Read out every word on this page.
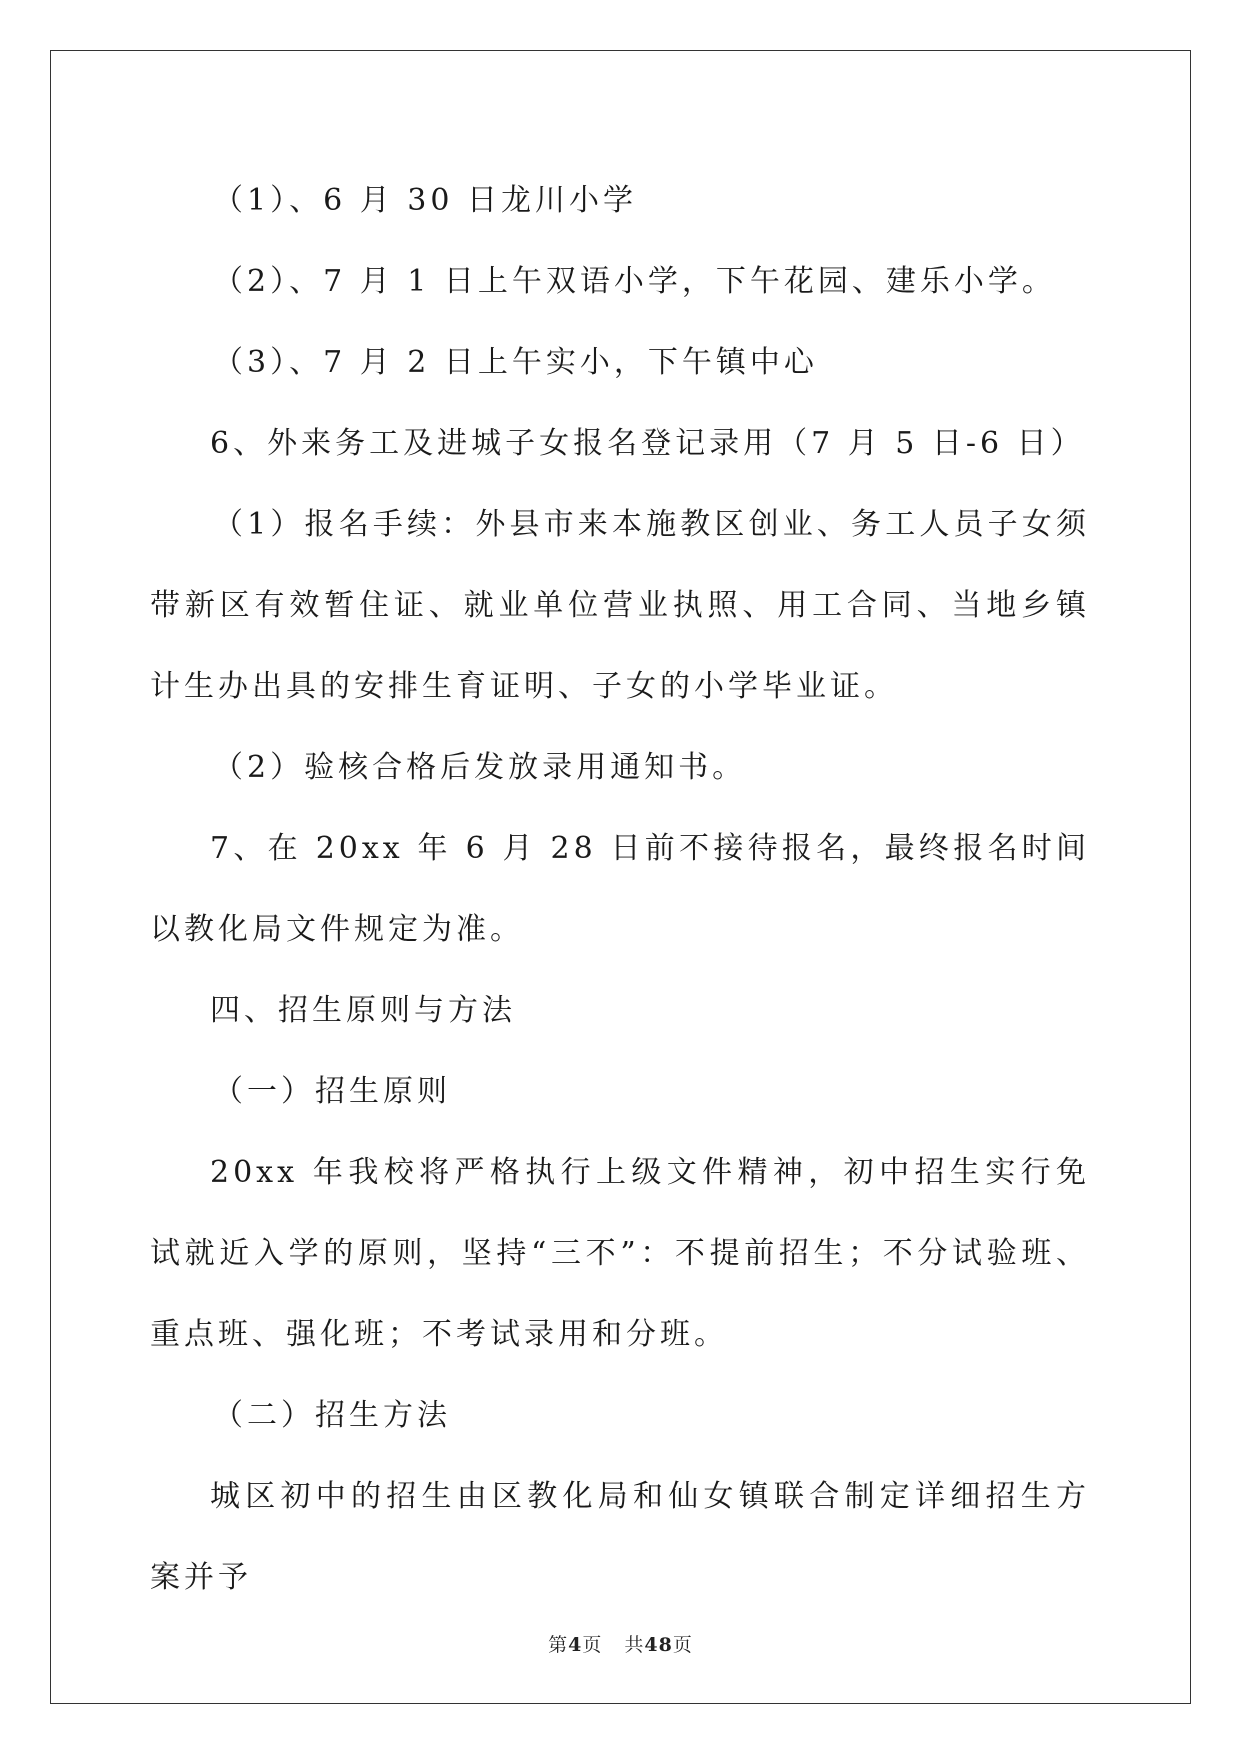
（1）、6 月 30 日龙川小学

（2）、7 月 1 日上午双语小学，下午花园、建乐小学。

（3）、7 月 2 日上午实小，下午镇中心

6、外来务工及进城子女报名登记录用（7 月 5 日-6 日）

（1）报名手续：外县市来本施教区创业、务工人员子女须带新区有效暂住证、就业单位营业执照、用工合同、当地乡镇计生办出具的安排生育证明、子女的小学毕业证。

（2）验核合格后发放录用通知书。

7、在 20xx 年 6 月 28 日前不接待报名，最终报名时间以教化局文件规定为准。

四、招生原则与方法

（一）招生原则

20xx 年我校将严格执行上级文件精神，初中招生实行免试就近入学的原则，坚持“三不”：不提前招生；不分试验班、重点班、强化班；不考试录用和分班。

（二）招生方法

城区初中的招生由区教化局和仙女镇联合制定详细招生方案并予

第4页 共48页
